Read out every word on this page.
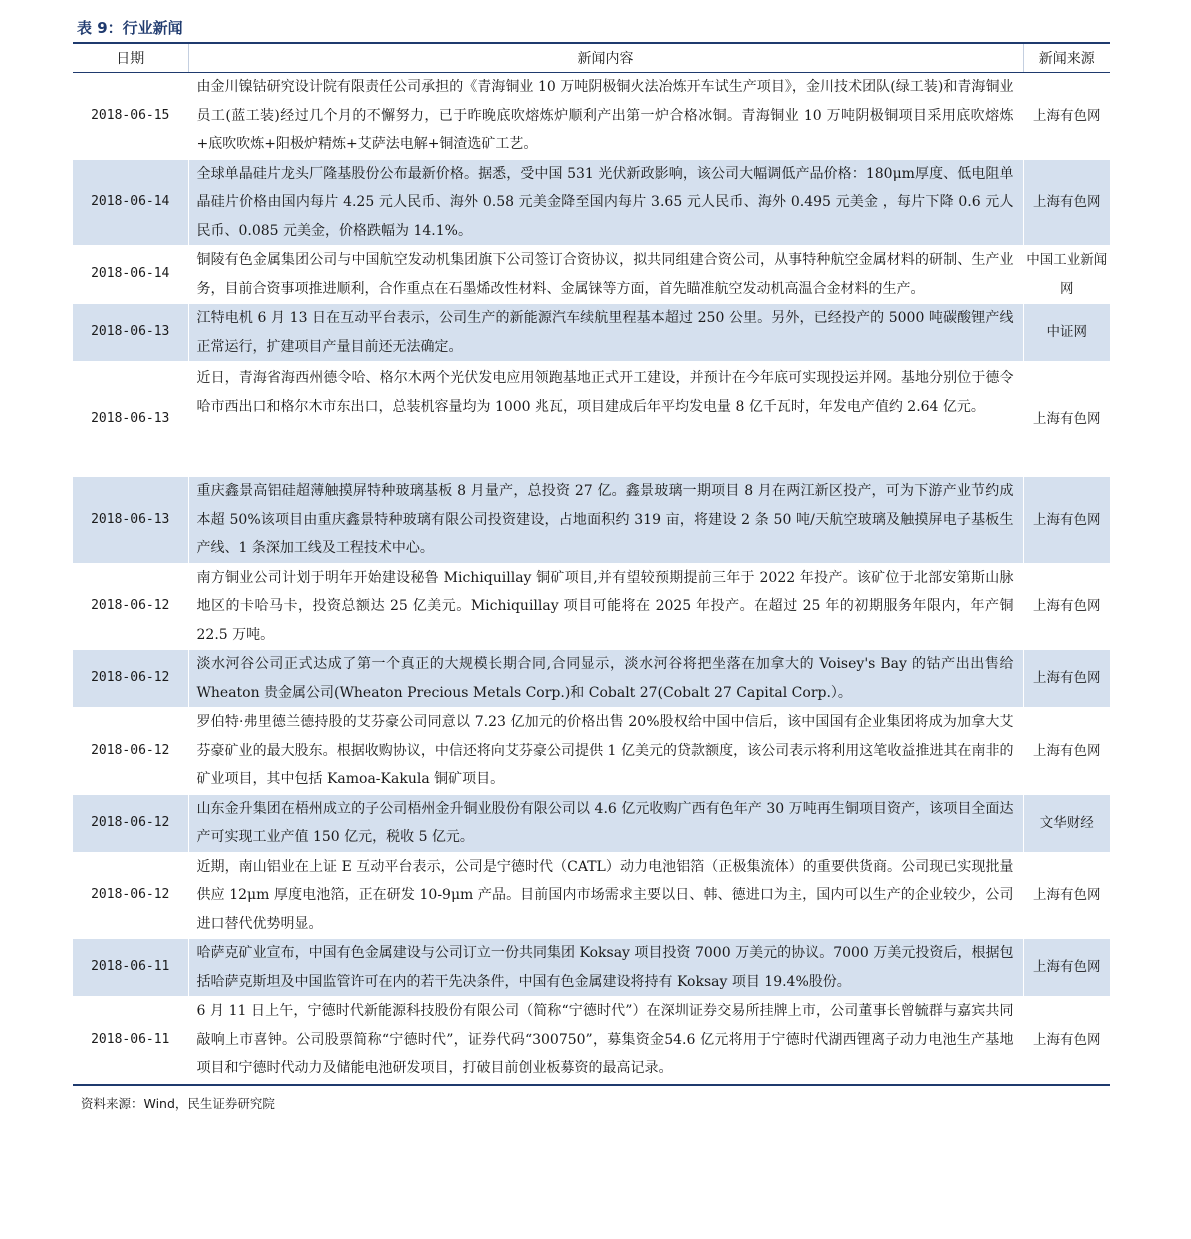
表 9：行业新闻
日期	新闻内容	新闻来源
2018-06-15	由金川镍钴研究设计院有限责任公司承担的《青海铜业 10 万吨阴极铜火法冶炼开车试生产项目》，金川技术团队(绿工装)和青海铜业员工(蓝工装)经过几个月的不懈努力，已于昨晚底吹熔炼炉顺利产出第一炉合格冰铜。青海铜业 10 万吨阴极铜项目采用底吹熔炼+底吹吹炼+阳极炉精炼+艾萨法电解+铜渣选矿工艺。	上海有色网
2018-06-14	全球单晶硅片龙头厂隆基股份公布最新价格。据悉，受中国 531 光伏新政影响，该公司大幅调低产品价格：180μm厚度、低电阻单晶硅片价格由国内每片 4.25 元人民币、海外 0.58 元美金降至国内每片 3.65 元人民币、海外 0.495 元美金 ，每片下降 0.6 元人民币、0.085 元美金，价格跌幅为 14.1%。	上海有色网
2018-06-14	铜陵有色金属集团公司与中国航空发动机集团旗下公司签订合资协议，拟共同组建合资公司，从事特种航空金属材料的研制、生产业务，目前合资事项推进顺利，合作重点在石墨烯改性材料、金属铼等方面，首先瞄准航空发动机高温合金材料的生产。	中国工业新闻网
2018-06-13	江特电机 6 月 13 日在互动平台表示，公司生产的新能源汽车续航里程基本超过 250 公里。另外，已经投产的 5000 吨碳酸锂产线正常运行，扩建项目产量目前还无法确定。	中证网
2018-06-13	近日，青海省海西州德令哈、格尔木两个光伏发电应用领跑基地正式开工建设，并预计在今年底可实现投运并网。基地分别位于德令哈市西出口和格尔木市东出口，总装机容量均为 1000 兆瓦，项目建成后年平均发电量 8 亿千瓦时，年发电产值约 2.64 亿元。	上海有色网
2018-06-13	重庆鑫景高铝硅超薄触摸屏特种玻璃基板 8 月量产，总投资 27 亿。鑫景玻璃一期项目 8 月在两江新区投产，可为下游产业节约成本超 50%该项目由重庆鑫景特种玻璃有限公司投资建设，占地面积约 319 亩，将建设 2 条 50 吨/天航空玻璃及触摸屏电子基板生产线、1 条深加工线及工程技术中心。	上海有色网
2018-06-12	南方铜业公司计划于明年开始建设秘鲁 Michiquillay 铜矿项目,并有望较预期提前三年于 2022 年投产。该矿位于北部安第斯山脉地区的卡哈马卡，投资总额达 25 亿美元。Michiquillay 项目可能将在 2025 年投产。在超过 25 年的初期服务年限内，年产铜 22.5 万吨。	上海有色网
2018-06-12	淡水河谷公司正式达成了第一个真正的大规模长期合同,合同显示，淡水河谷将把坐落在加拿大的 Voisey's Bay 的钴产出出售给 Wheaton 贵金属公司(Wheaton Precious Metals Corp.)和 Cobalt 27(Cobalt 27 Capital Corp.）。	上海有色网
2018-06-12	罗伯特·弗里德兰德持股的艾芬豪公司同意以 7.23 亿加元的价格出售 20%股权给中国中信后，该中国国有企业集团将成为加拿大艾芬豪矿业的最大股东。根据收购协议，中信还将向艾芬豪公司提供 1 亿美元的贷款额度，该公司表示将利用这笔收益推进其在南非的矿业项目，其中包括 Kamoa-Kakula 铜矿项目。	上海有色网
2018-06-12	山东金升集团在梧州成立的子公司梧州金升铜业股份有限公司以 4.6 亿元收购广西有色年产 30 万吨再生铜项目资产，该项目全面达产可实现工业产值 150 亿元，税收 5 亿元。	文华财经
2018-06-12	近期，南山铝业在上证 E 互动平台表示，公司是宁德时代（CATL）动力电池铝箔（正极集流体）的重要供货商。公司现已实现批量供应 12μm 厚度电池箔，正在研发 10-9μm 产品。目前国内市场需求主要以日、韩、德进口为主，国内可以生产的企业较少，公司进口替代优势明显。	上海有色网
2018-06-11	哈萨克矿业宣布，中国有色金属建设与公司订立一份共同集团 Koksay 项目投资 7000 万美元的协议。7000 万美元投资后，根据包括哈萨克斯坦及中国监管许可在内的若干先决条件，中国有色金属建设将持有 Koksay 项目 19.4%股份。	上海有色网
2018-06-11	6 月 11 日上午，宁德时代新能源科技股份有限公司（简称“宁德时代”）在深圳证券交易所挂牌上市，公司董事长曾毓群与嘉宾共同敲响上市喜钟。公司股票简称“宁德时代”，证券代码“300750”，募集资金54.6 亿元将用于宁德时代湖西锂离子动力电池生产基地项目和宁德时代动力及储能电池研发项目，打破目前创业板募资的最高记录。	上海有色网
资料来源：Wind，民生证券研究院
